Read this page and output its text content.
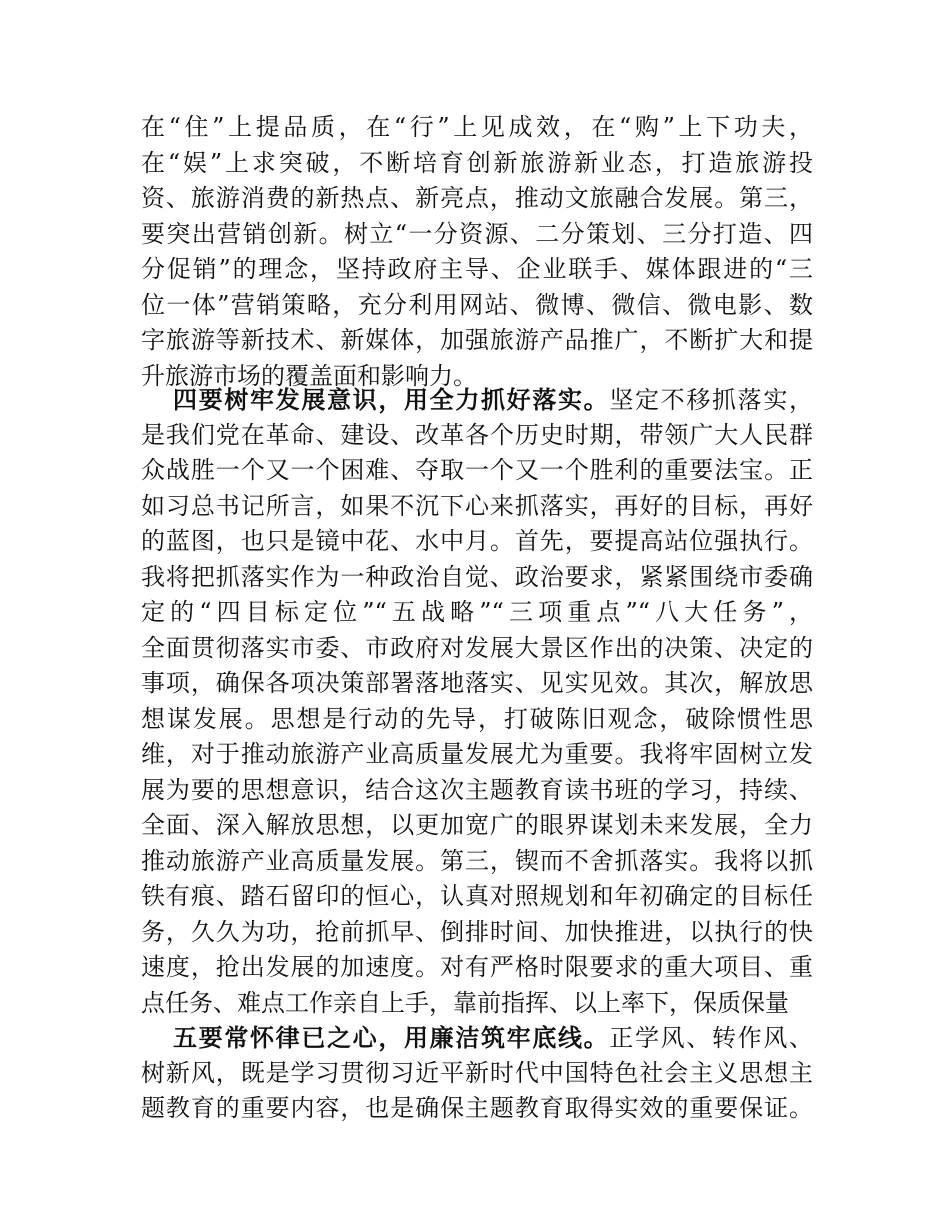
在“住”上提品质，在“行”上见成效，在“购”上下功夫，
在“娱”上求突破，不断培育创新旅游新业态，打造旅游投
资、旅游消费的新热点、新亮点，推动文旅融合发展。第三，
要突出营销创新。树立“一分资源、二分策划、三分打造、四
分促销”的理念，坚持政府主导、企业联手、媒体跟进的“三
位一体”营销策略，充分利用网站、微博、微信、微电影、数
字旅游等新技术、新媒体，加强旅游产品推广，不断扩大和提
升旅游市场的覆盖面和影响力。
四要树牢发展意识，用全力抓好落实。坚定不移抓落实，
是我们党在革命、建设、改革各个历史时期，带领广大人民群
众战胜一个又一个困难、夺取一个又一个胜利的重要法宝。正
如习总书记所言，如果不沉下心来抓落实，再好的目标，再好
的蓝图，也只是镜中花、水中月。首先，要提高站位强执行。
我将把抓落实作为一种政治自觉、政治要求，紧紧围绕市委确
定的“四目标定位”“五战略”“三项重点”“八大任务”，
全面贯彻落实市委、市政府对发展大景区作出的决策、决定的
事项，确保各项决策部署落地落实、见实见效。其次，解放思
想谋发展。思想是行动的先导，打破陈旧观念，破除惯性思
维，对于推动旅游产业高质量发展尤为重要。我将牢固树立发
展为要的思想意识，结合这次主题教育读书班的学习，持续、
全面、深入解放思想，以更加宽广的眼界谋划未来发展，全力
推动旅游产业高质量发展。第三，锲而不舍抓落实。我将以抓
铁有痕、踏石留印的恒心，认真对照规划和年初确定的目标任
务，久久为功，抢前抓早、倒排时间、加快推进，以执行的快
速度，抢出发展的加速度。对有严格时限要求的重大项目、重
点任务、难点工作亲自上手，靠前指挥、以上率下，保质保量
五要常怀律已之心，用廉洁筑牢底线。正学风、转作风、
树新风，既是学习贯彻习近平新时代中国特色社会主义思想主
题教育的重要内容，也是确保主题教育取得实效的重要保证。
